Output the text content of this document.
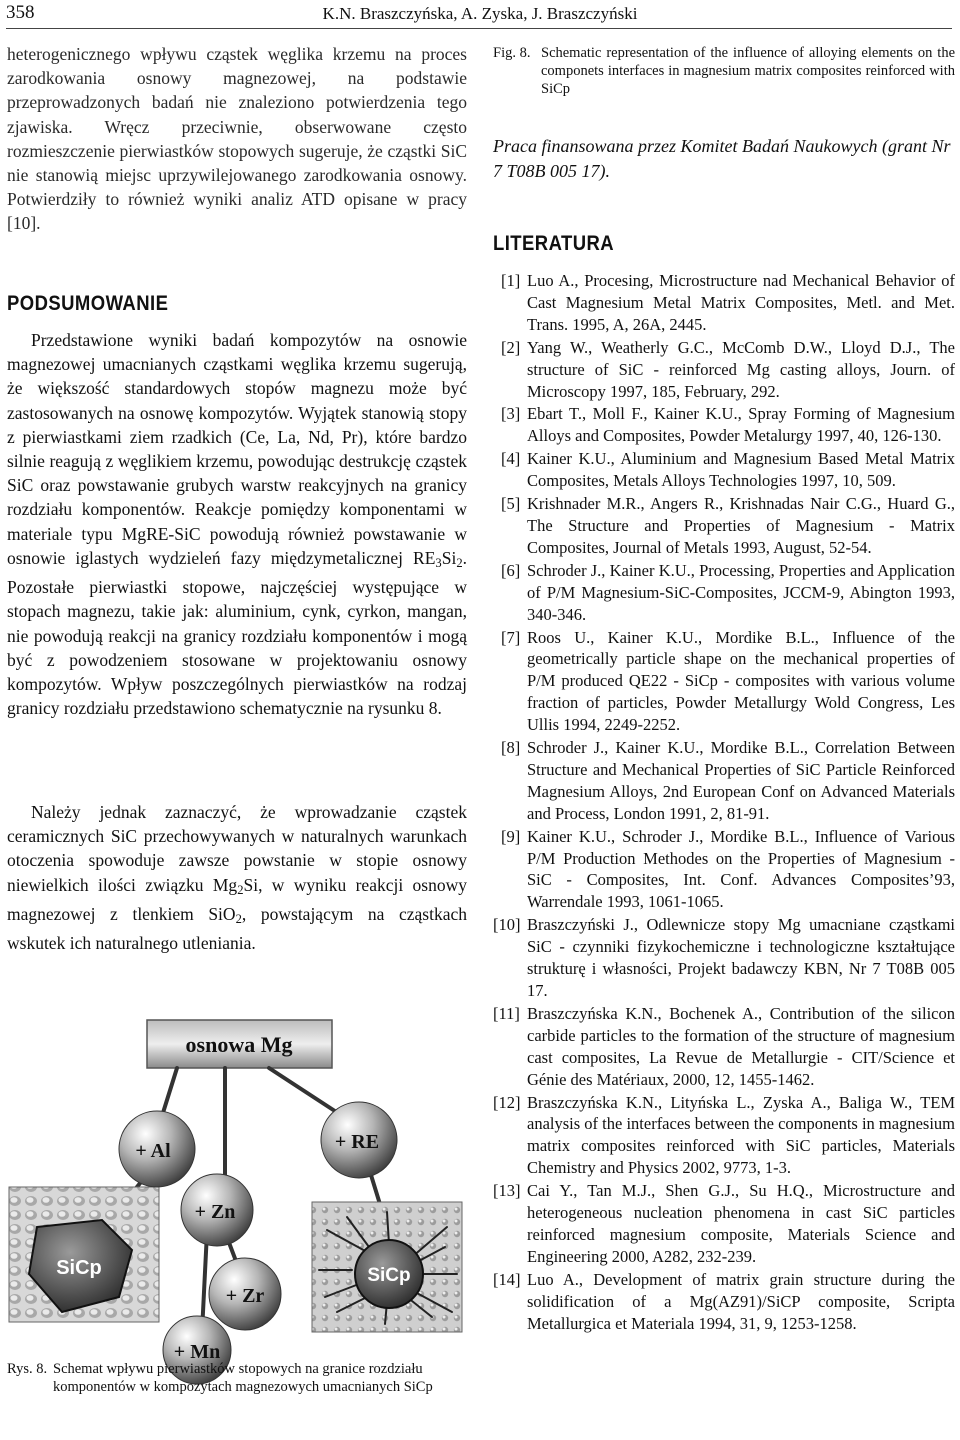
358	K.N. Braszczyńska, A. Zyska, J. Braszczyński

heterogenicznego wpływu cząstek węglika krzemu na proces zarodkowania osnowy magnezowej, na podstawie przeprowadzonych badań nie znaleziono potwierdzenia tego zjawiska. Wręcz przeciwnie, obserwowane często rozmieszczenie pierwiastków stopowych sugeruje, że cząstki SiC nie stanowią miejsc uprzywilejowanego zarodkowania osnowy. Potwierdziły to również wyniki analiz ATD opisane w pracy [10].

PODSUMOWANIE

Przedstawione wyniki badań kompozytów na osnowie magnezowej umacnianych cząstkami węglika krzemu sugerują, że większość standardowych stopów magnezu może być zastosowanych na osnowę kompozytów. Wyjątek stanowią stopy z pierwiastkami ziem rzadkich (Ce, La, Nd, Pr), które bardzo silnie reagują z węglikiem krzemu, powodując destrukcję cząstek SiC oraz powstawanie grubych warstw reakcyjnych na granicy rozdziału komponentów. Reakcje pomiędzy komponentami w materiale typu MgRE-SiC powodują również powstawanie w osnowie iglastych wydzieleń fazy międzymetalicznej $RE_3Si_2$. Pozostałe pierwiastki stopowe, najczęściej występujące w stopach magnezu, takie jak: aluminium, cynk, cyrkon, mangan, nie powodują reakcji na granicy rozdziału komponentów i mogą być z powodzeniem stosowane w projektowaniu osnowy kompozytów. Wpływ poszczególnych pierwiastków na rodzaj granicy rozdziału przedstawiono schematycznie na rysunku 8.

Należy jednak zaznaczyć, że wprowadzanie cząstek ceramicznych SiC przechowywanych w naturalnych warunkach otoczenia spowoduje zawsze powstanie w stopie osnowy niewielkich ilości związku $Mg_2Si$, w wyniku reakcji osnowy magnezowej z tlenkiem SiO$_2$, powstającym na cząstkach wskutek ich naturalnego utleniania.

osnowa Mg
SiCp	SiCp
+ Al
+ Zn
+ Zr
+ Mn
+ RE
Rys. 8. Schemat wpływu pierwiastków stopowych na granice rozdziału
komponentów w kompozytach magnezowych umacnianych SiCp
Fig. 8. Schematic representation of the influence of alloying elements on the componets interfaces in magnesium matrix composites reinforced with SiCp
Praca finansowana przez Komitet Badań Naukowych (grant Nr 7 T08B 005 17).
LITERATURA
[1] Luo A., Procesing, Microstructure nad Mechanical Behavior of Cast Magnesium Metal Matrix Composites, Metl. and Met. Trans. 1995, A, 26A, 2445.
[2] Yang W., Weatherly G.C., McComb D.W., Lloyd D.J., The structure of SiC - reinforced Mg casting alloys, Journ. of Microscopy 1997, 185, February, 292.
[3] Ebart T., Moll F., Kainer K.U., Spray Forming of Magnesium Alloys and Composites, Powder Metalurgy 1997, 40, 126-130.
[4] Kainer K.U., Aluminium and Magnesium Based Metal Matrix Composites, Metals Alloys Technologies 1997, 10, 509.
[5] Krishnader M.R., Angers R., Krishnadas Nair C.G., Huard G., The Structure and Properties of Magnesium - Matrix Composites, Journal of Metals 1993, August, 52-54.
[6] Schroder J., Kainer K.U., Processing, Properties and Application of P/M Magnesium-SiC-Composites, JCCM-9, Abington 1993, 340-346.
[7] Roos U., Kainer K.U., Mordike B.L., Influence of the geometrically particle shape on the mechanical properties of P/M produced QE22 - SiCp - composites with various volume fraction of particles, Powder Metallurgy Wold Congress, Les Ullis 1994, 2249-2252.
[8] Schroder J., Kainer K.U., Mordike B.L., Correlation Between Structure and Mechanical Properties of SiC Particle Reinforced Magnesium Alloys, 2nd European Conf on Advanced Materials and Process, London 1991, 2, 81-91.
[9] Kainer K.U., Schroder J., Mordike B.L., Influence of Various P/M Production Methodes on the Properties of Magnesium - SiC - Composites, Int. Conf. Advances Composites’93, Warrendale 1993, 1061-1065.
[10] Braszczyński J., Odlewnicze stopy Mg umacniane cząstkami SiC - czynniki fizykochemiczne i technologiczne kształtujące strukturę i własności, Projekt badawczy KBN, Nr 7 T08B 005 17.
[11] Braszczyńska K.N., Bochenek A., Contribution of the silicon carbide particles to the formation of the structure of magnesium cast composites, La Revue de Metallurgie - CIT/Science et Génie des Matériaux, 2000, 12, 1455-1462.
[12] Braszczyńska K.N., Lityńska L., Zyska A., Baliga W., TEM analysis of the interfaces between the components in magnesium matrix composites reinforced with SiC particles, Materials Chemistry and Physics 2002, 9773, 1-3.
[13] Cai Y., Tan M.J., Shen G.J., Su H.Q., Microstructure and heterogeneous nucleation phenomena in cast SiC particles reinforced magnesium composite, Materials Science and Engineering 2000, A282, 232-239.
[14] Luo A., Development of matrix grain structure during the solidification of a Mg(AZ91)/SiCP composite, Scripta Metallurgica et Materiala 1994, 31, 9, 1253-1258.
